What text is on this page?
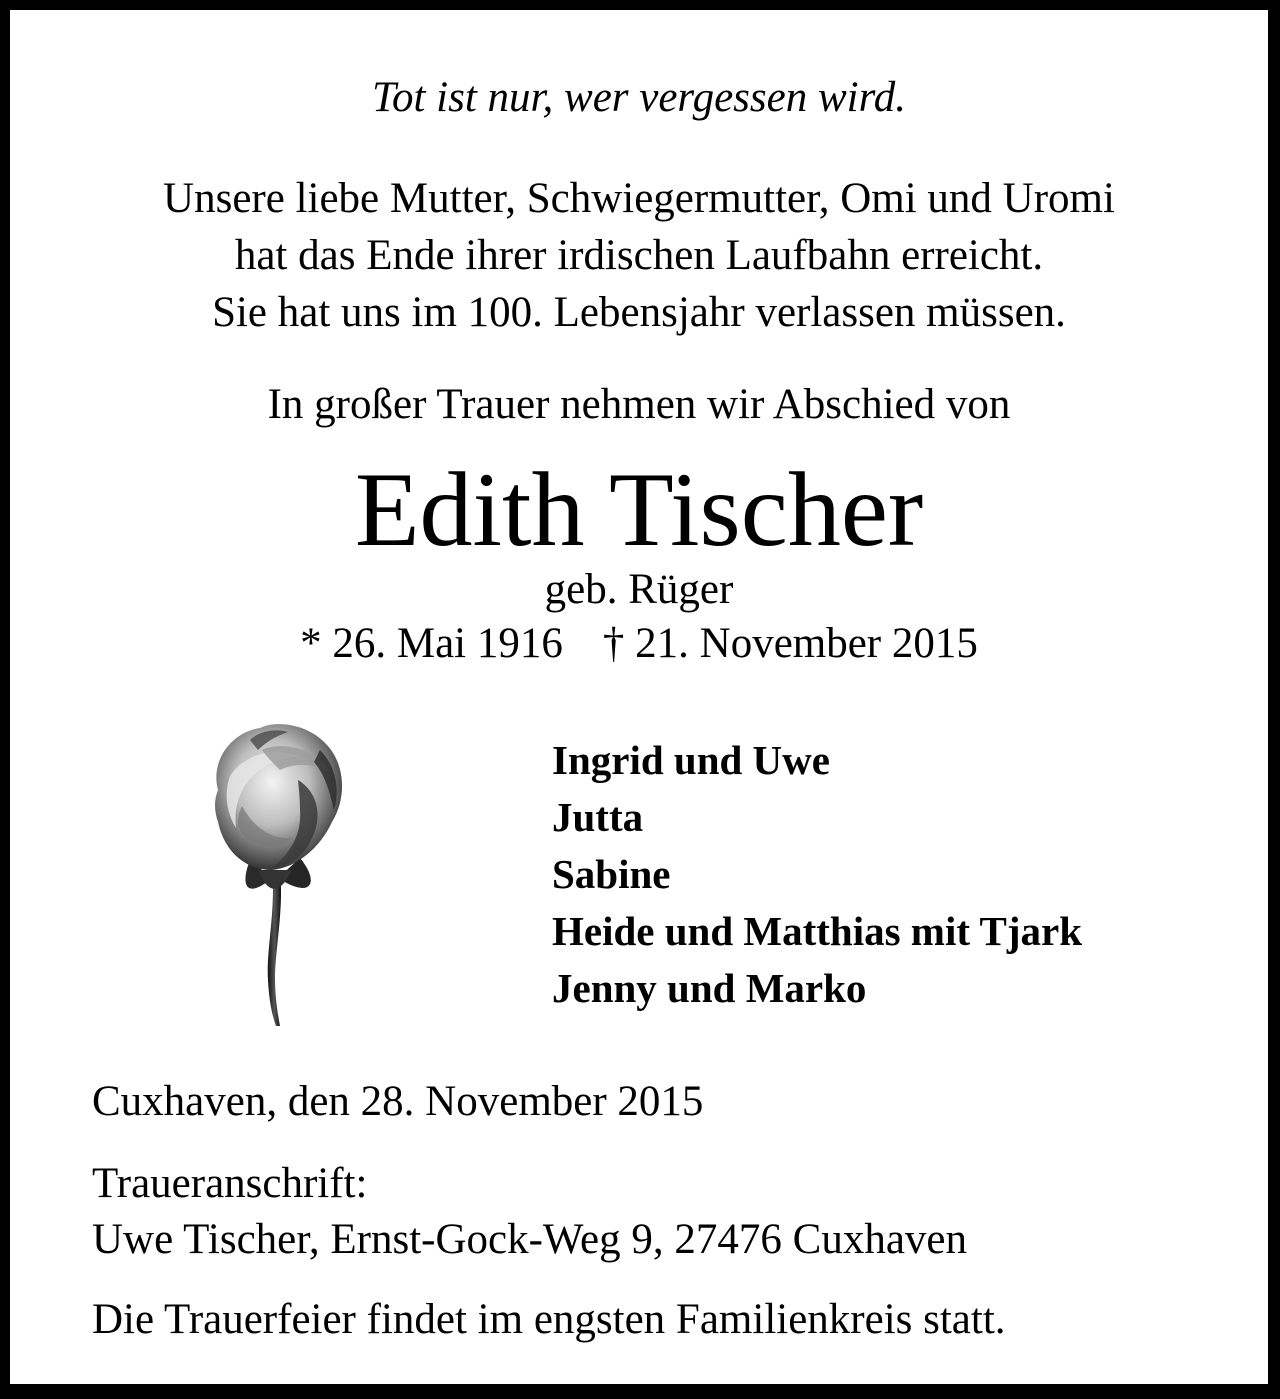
Tot ist nur, wer vergessen wird.

Unsere liebe Mutter, Schwiegermutter, Omi und Uromi
hat das Ende ihrer irdischen Laufbahn erreicht.
Sie hat uns im 100. Lebensjahr verlassen müssen.

In großer Trauer nehmen wir Abschied von

Edith Tischer

geb. Rüger

* 26. Mai 1916 † 21. November 2015

Ingrid und Uwe
Jutta
Sabine
Heide und Matthias mit Tjark
Jenny und Marko

Cuxhaven, den 28. November 2015

Traueranschrift:

Uwe Tischer, Ernst-Gock-Weg 9, 27476 Cuxhaven

Die Trauerfeier findet im engsten Familienkreis statt.
